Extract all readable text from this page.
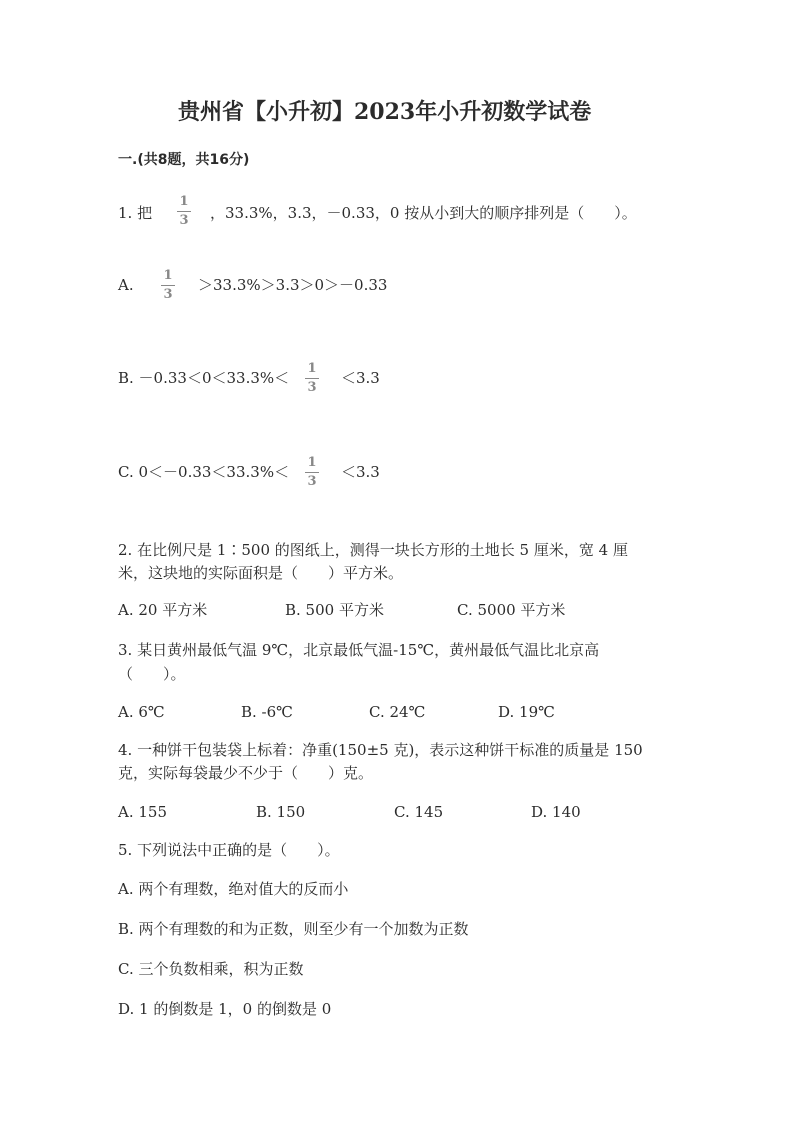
贵州省【小升初】2023年小升初数学试卷
一.(共8题，共16分)
1. 把
1
3 ，33.3%，3.3，－0.33，0 按从小到大的顺序排列是（　　）。
A.
1
3
＞33.3%＞3.3＞0＞－0.33
B. －0.33＜0＜33.3%＜
1
3
＜3.3
C. 0＜－0.33＜33.3%＜
1
3
＜3.3
2. 在比例尺是 1∶500 的图纸上，测得一块长方形的土地长 5 厘米，宽 4 厘
米，这块地的实际面积是（　　）平方米。
A. 20 平方米	B. 500 平方米	C. 5000 平方米
3. 某日黄州最低气温 9℃，北京最低气温-15℃，黄州最低气温比北京高
（　　）。
A. 6℃	B. -6℃	C. 24℃	D. 19℃
4. 一种饼干包装袋上标着：净重(150±5 克)，表示这种饼干标准的质量是 150
克，实际每袋最少不少于（　　）克。
A. 155	B. 150	C. 145	D. 140
5. 下列说法中正确的是（　　）。
A. 两个有理数，绝对值大的反而小
B. 两个有理数的和为正数，则至少有一个加数为正数
C. 三个负数相乘，积为正数
D. 1 的倒数是 1，0 的倒数是 0
